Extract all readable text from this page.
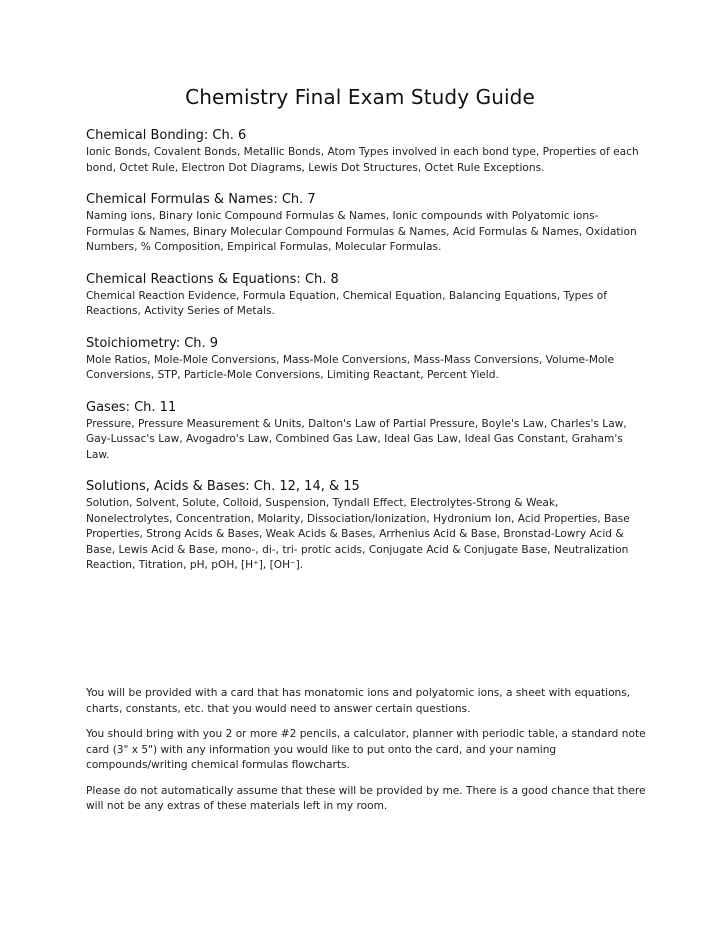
Chemistry Final Exam Study Guide
Chemical Bonding: Ch. 6

Ionic Bonds, Covalent Bonds, Metallic Bonds, Atom Types involved in each bond type, Properties of each bond, Octet Rule, Electron Dot Diagrams, Lewis Dot Structures, Octet Rule Exceptions.

Chemical Formulas & Names: Ch. 7

Naming ions, Binary Ionic Compound Formulas & Names, Ionic compounds with Polyatomic ions-Formulas & Names, Binary Molecular Compound Formulas & Names, Acid Formulas & Names, Oxidation Numbers, % Composition, Empirical Formulas, Molecular Formulas.

Chemical Reactions & Equations: Ch. 8

Chemical Reaction Evidence, Formula Equation, Chemical Equation, Balancing Equations, Types of Reactions, Activity Series of Metals.

Stoichiometry: Ch. 9

Mole Ratios, Mole-Mole Conversions, Mass-Mole Conversions, Mass-Mass Conversions, Volume-Mole Conversions, STP, Particle-Mole Conversions, Limiting Reactant, Percent Yield.

Gases: Ch. 11

Pressure, Pressure Measurement & Units, Dalton's Law of Partial Pressure, Boyle's Law, Charles's Law, Gay-Lussac's Law, Avogadro's Law, Combined Gas Law, Ideal Gas Law, Ideal Gas Constant, Graham's Law.

Solutions, Acids & Bases: Ch. 12, 14, & 15

Solution, Solvent, Solute, Colloid, Suspension, Tyndall Effect, Electrolytes-Strong & Weak, Nonelectrolytes, Concentration, Molarity, Dissociation/Ionization, Hydronium Ion, Acid Properties, Base Properties, Strong Acids & Bases, Weak Acids & Bases, Arrhenius Acid & Base, Bronstad-Lowry Acid & Base, Lewis Acid & Base, mono-, di-, tri- protic acids, Conjugate Acid & Conjugate Base, Neutralization Reaction, Titration, pH, pOH, [H⁺], [OH⁻].

You will be provided with a card that has monatomic ions and polyatomic ions, a sheet with equations, charts, constants, etc. that you would need to answer certain questions.

You should bring with you 2 or more #2 pencils, a calculator, planner with periodic table, a standard note card (3" x 5") with any information you would like to put onto the card, and your naming compounds/writing chemical formulas flowcharts.

Please do not automatically assume that these will be provided by me. There is a good chance that there will not be any extras of these materials left in my room.
